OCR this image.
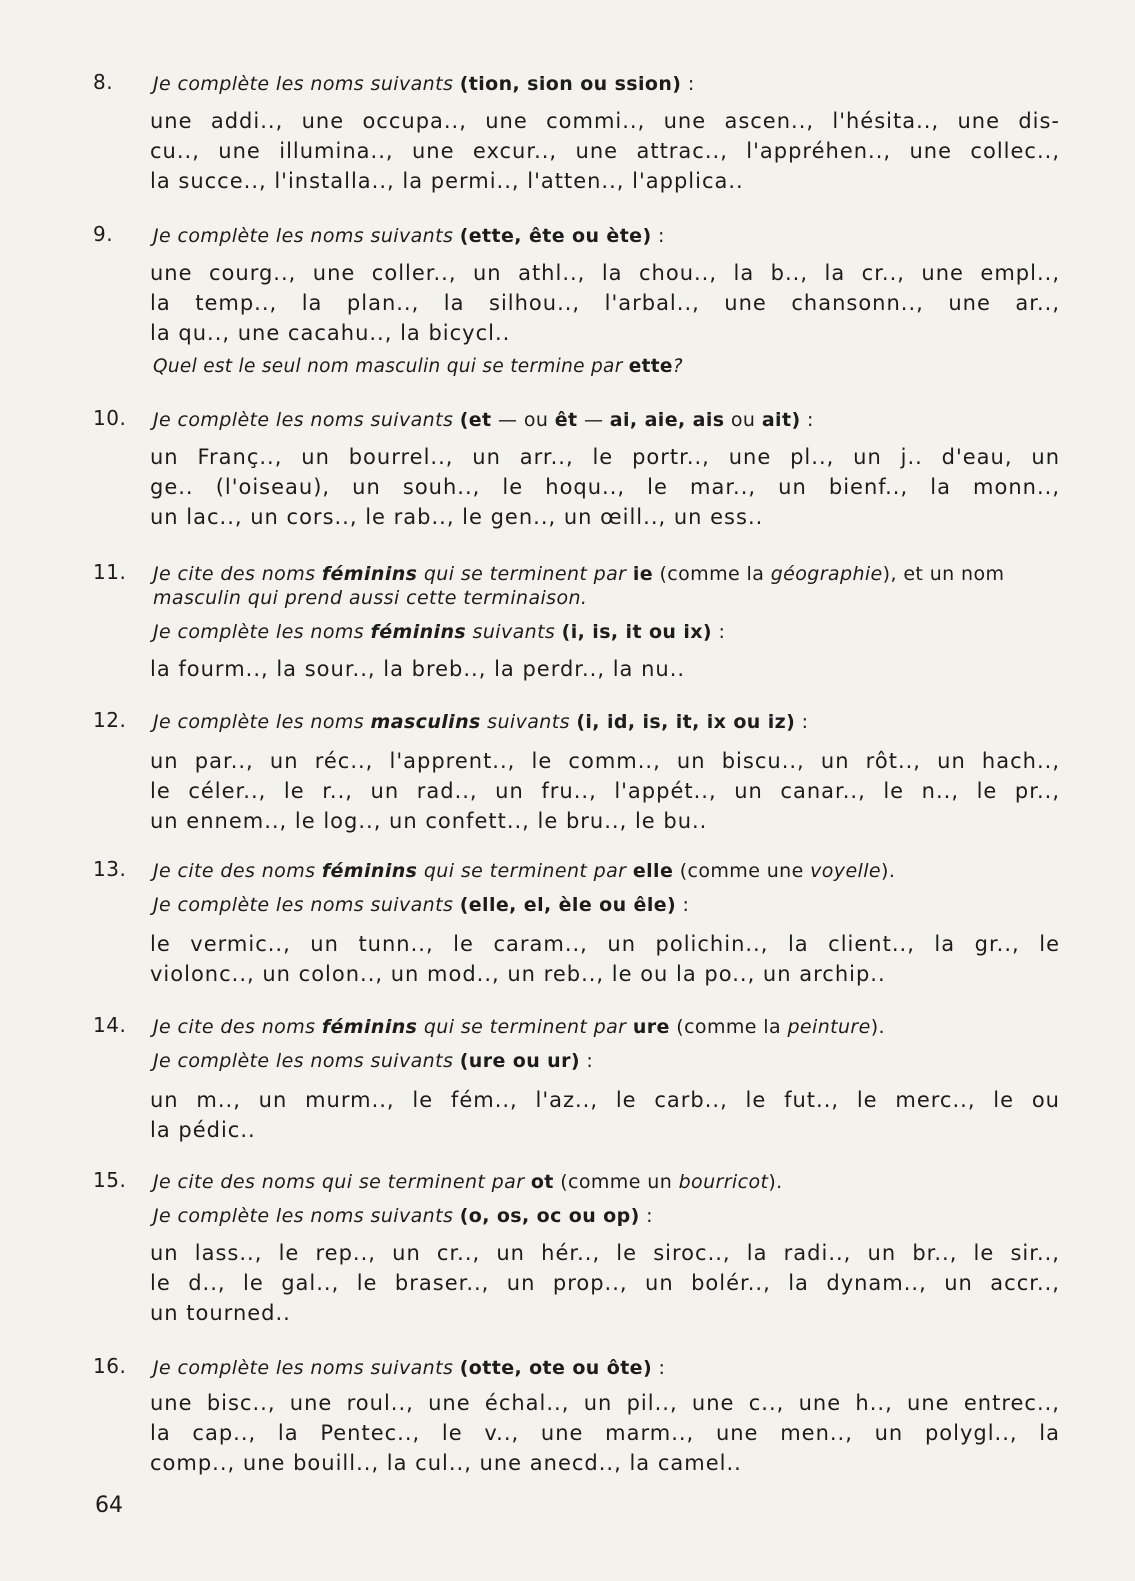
8. Je complète les noms suivants (tion, sion ou ssion) :
une addi.., une occupa.., une commi.., une ascen.., l'hésita.., une dis-
cu.., une illumina.., une excur.., une attrac.., l'appréhen.., une collec..,
la succe.., l'installa.., la permi.., l'atten.., l'applica..
9. Je complète les noms suivants (ette, ête ou ète) :
une courg.., une coller.., un athl.., la chou.., la b.., la cr.., une empl..,
la temp.., la plan.., la silhou.., l'arbal.., une chansonn.., une ar..,
la qu.., une cacahu.., la bicycl..
Quel est le seul nom masculin qui se termine par ette?
10. Je complète les noms suivants (et — ou êt — ai, aie, ais ou ait) :
un Franç.., un bourrel.., un arr.., le portr.., une pl.., un j.. d'eau, un
ge.. (l'oiseau), un souh.., le hoqu.., le mar.., un bienf.., la monn..,
un lac.., un cors.., le rab.., le gen.., un œill.., un ess..
11. Je cite des noms féminins qui se terminent par ie (comme la géographie), et un nom
masculin qui prend aussi cette terminaison.
Je complète les noms féminins suivants (i, is, it ou ix) :
la fourm.., la sour.., la breb.., la perdr.., la nu..
12. Je complète les noms masculins suivants (i, id, is, it, ix ou iz) :
un par.., un réc.., l'apprent.., le comm.., un biscu.., un rôt.., un hach..,
le céler.., le r.., un rad.., un fru.., l'appét.., un canar.., le n.., le pr..,
un ennem.., le log.., un confett.., le bru.., le bu..
13. Je cite des noms féminins qui se terminent par elle (comme une voyelle).
Je complète les noms suivants (elle, el, èle ou êle) :
le vermic.., un tunn.., le caram.., un polichin.., la client.., la gr.., le
violonc.., un colon.., un mod.., un reb.., le ou la po.., un archip..
14. Je cite des noms féminins qui se terminent par ure (comme la peinture).
Je complète les noms suivants (ure ou ur) :
un m.., un murm.., le fém.., l'az.., le carb.., le fut.., le merc.., le ou
la pédic..
15. Je cite des noms qui se terminent par ot (comme un bourricot).
Je complète les noms suivants (o, os, oc ou op) :
un lass.., le rep.., un cr.., un hér.., le siroc.., la radi.., un br.., le sir..,
le d.., le gal.., le braser.., un prop.., un bolér.., la dynam.., un accr..,
un tourned..
16. Je complète les noms suivants (otte, ote ou ôte) :
une bisc.., une roul.., une échal.., un pil.., une c.., une h.., une entrec..,
la cap.., la Pentec.., le v.., une marm.., une men.., un polygl.., la
comp.., une bouill.., la cul.., une anecd.., la camel..
64
